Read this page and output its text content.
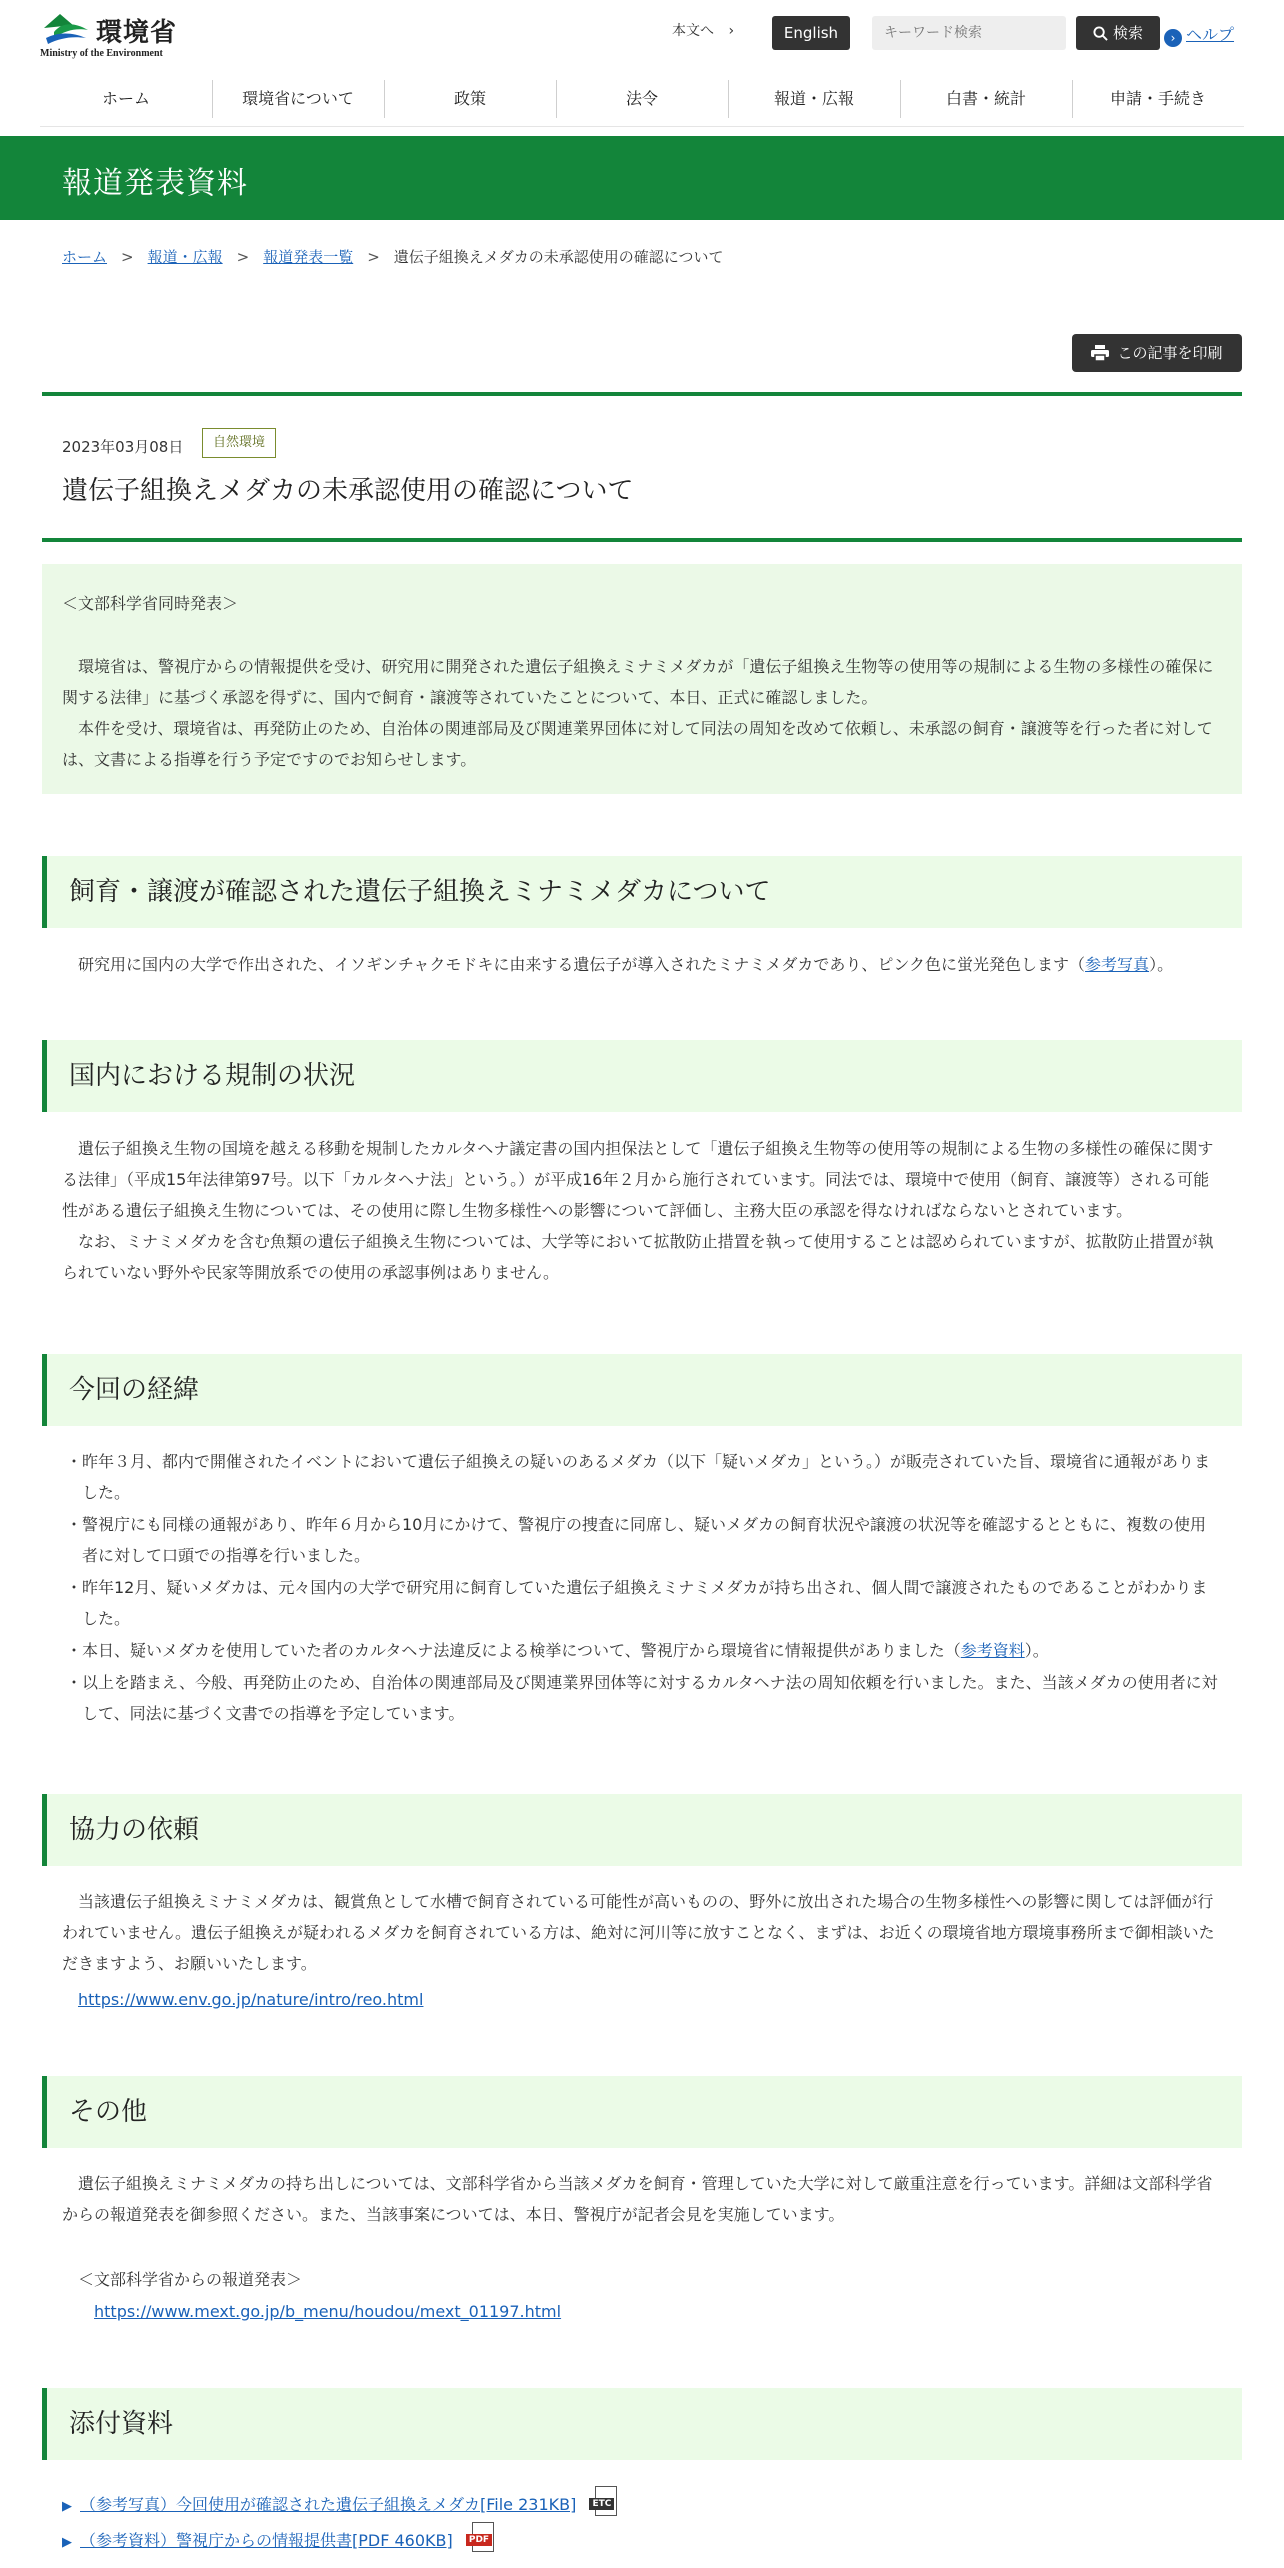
環境省
Ministry of the Environment
本文へ ›	English
キーワード検索	検索	› ヘルプ
ホーム	環境省について	政策	法令	報道・広報	白書・統計	申請・手続き
報道発表資料
ホーム > 報道・広報 > 報道発表一覧 > 遺伝子組換えメダカの未承認使用の確認について
この記事を印刷
2023年03月08日	自然環境
遺伝子組換えメダカの未承認使用の確認について

＜文部科学省同時発表＞

　環境省は、警視庁からの情報提供を受け、研究用に開発された遺伝子組換えミナミメダカが「遺伝子組換え生物等の使用等の規制による生物の多様性の確保に関する法律」に基づく承認を得ずに、国内で飼育・譲渡等されていたことについて、本日、正式に確認しました。

　本件を受け、環境省は、再発防止のため、自治体の関連部局及び関連業界団体に対して同法の周知を改めて依頼し、未承認の飼育・譲渡等を行った者に対しては、文書による指導を行う予定ですのでお知らせします。

飼育・譲渡が確認された遺伝子組換えミナミメダカについて

　研究用に国内の大学で作出された、イソギンチャクモドキに由来する遺伝子が導入されたミナミメダカであり、ピンク色に蛍光発色します（参考写真）。

国内における規制の状況

　遺伝子組換え生物の国境を越える移動を規制したカルタヘナ議定書の国内担保法として「遺伝子組換え生物等の使用等の規制による生物の多様性の確保に関する法律」（平成15年法律第97号。以下「カルタヘナ法」という。）が平成16年２月から施行されています。同法では、環境中で使用（飼育、譲渡等）される可能性がある遺伝子組換え生物については、その使用に際し生物多様性への影響について評価し、主務大臣の承認を得なければならないとされています。

　なお、ミナミメダカを含む魚類の遺伝子組換え生物については、大学等において拡散防止措置を執って使用することは認められていますが、拡散防止措置が執られていない野外や民家等開放系での使用の承認事例はありません。

今回の経緯
・昨年３月、都内で開催されたイベントにおいて遺伝子組換えの疑いのあるメダカ（以下「疑いメダカ」という。）が販売されていた旨、環境省に通報がありました。
・警視庁にも同様の通報があり、昨年６月から10月にかけて、警視庁の捜査に同席し、疑いメダカの飼育状況や譲渡の状況等を確認するとともに、複数の使用者に対して口頭での指導を行いました。
・昨年12月、疑いメダカは、元々国内の大学で研究用に飼育していた遺伝子組換えミナミメダカが持ち出され、個人間で譲渡されたものであることがわかりました。
・本日、疑いメダカを使用していた者のカルタヘナ法違反による検挙について、警視庁から環境省に情報提供がありました（参考資料）。
・以上を踏まえ、今般、再発防止のため、自治体の関連部局及び関連業界団体等に対するカルタヘナ法の周知依頼を行いました。また、当該メダカの使用者に対して、同法に基づく文書での指導を予定しています。
協力の依頼

　当該遺伝子組換えミナミメダカは、観賞魚として水槽で飼育されている可能性が高いものの、野外に放出された場合の生物多様性への影響に関しては評価が行われていません。遺伝子組換えが疑われるメダカを飼育されている方は、絶対に河川等に放すことなく、まずは、お近くの環境省地方環境事務所まで御相談いただきますよう、お願いいたします。

https://www.env.go.jp/nature/intro/reo.html
その他

　遺伝子組換えミナミメダカの持ち出しについては、文部科学省から当該メダカを飼育・管理していた大学に対して厳重注意を行っています。詳細は文部科学省からの報道発表を御参照ください。また、当該事案については、本日、警視庁が記者会見を実施しています。

＜文部科学省からの報道発表＞

https://www.mext.go.jp/b_menu/houdou/mext_01197.html
添付資料
▶ （参考写真）今回使用が確認された遺伝子組換えメダカ[File 231KB]	ETC
▶ （参考資料）警視庁からの情報提供書[PDF 460KB]	PDF
